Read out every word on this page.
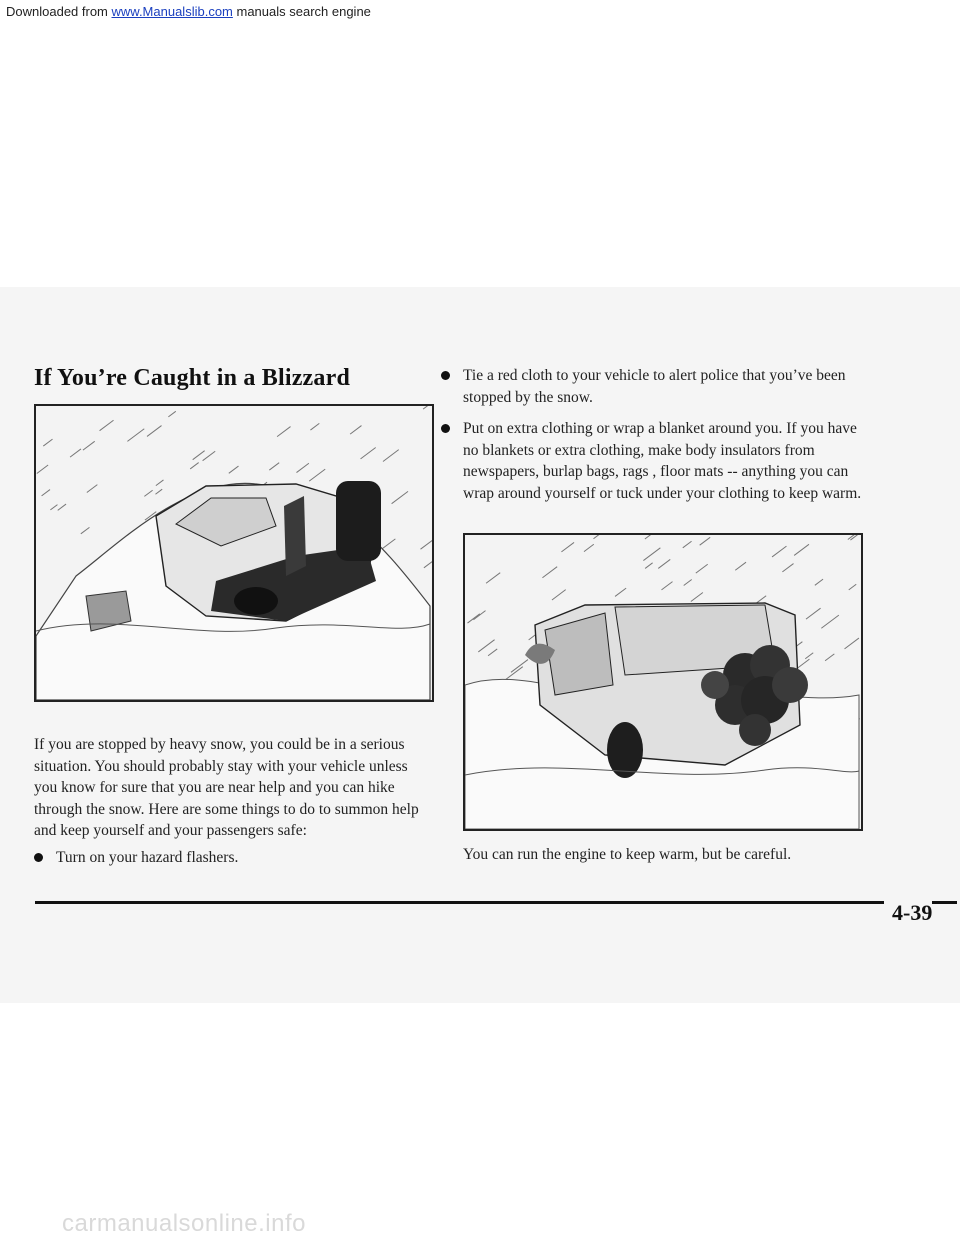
Downloaded from www.Manualslib.com manuals search engine
If You’re Caught in a Blizzard

If you are stopped by heavy snow, you could be in a serious situation. You should probably stay with your vehicle unless you know for sure that you are near help and you can hike through the snow. Here are some things to do to summon help and keep yourself and your passengers safe:

Turn on your hazard flashers.
Tie a red cloth to your vehicle to alert police that you’ve been stopped by the snow.
Put on extra clothing or wrap a blanket around you. If you have no blankets or extra clothing, make body insulators from newspapers, burlap bags, rags , floor mats -- anything you can wrap around yourself or tuck under your clothing to keep warm.
You can run the engine to keep warm, but be careful.
4-39
carmanualsonline.info
